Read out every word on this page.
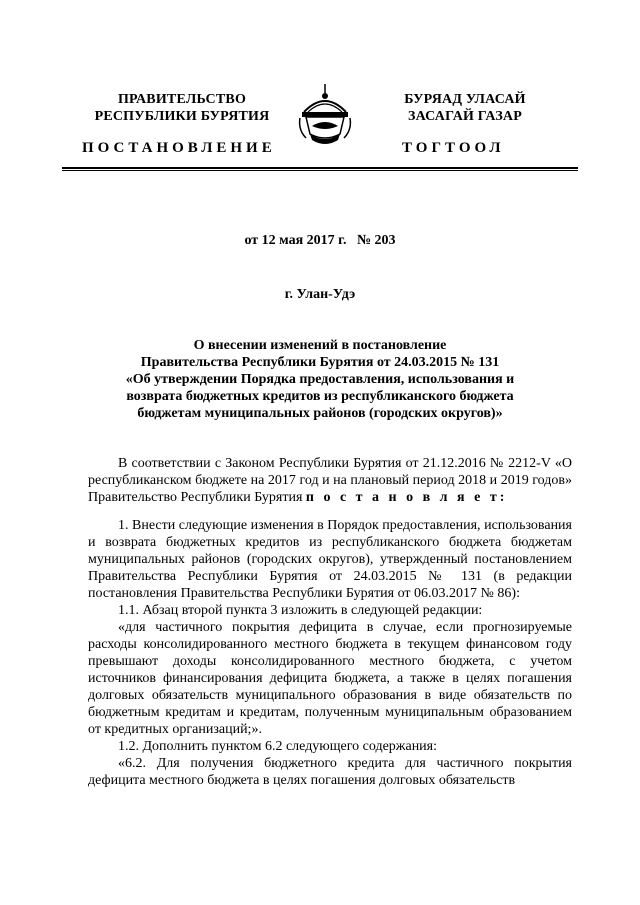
ПРАВИТЕЛЬСТВО
РЕСПУБЛИКИ БУРЯТИЯ
БУРЯАД УЛАСАЙ
ЗАСАГАЙ ГАЗАР
ПОСТАНОВЛЕНИЕ	ТОГТООЛ
от 12 мая 2017 г.   № 203
г. Улан-Удэ
О внесении изменений в постановление
Правительства Республики Бурятия от 24.03.2015 № 131
«Об утверждении Порядка предоставления, использования и
возврата бюджетных кредитов из республиканского бюджета
бюджетам муниципальных районов (городских округов)»

В соответствии с Законом Республики Бурятия от 21.12.2016 № 2212-V «О республиканском бюджете на 2017 год и на плановый период 2018 и 2019 годов» Правительство Республики Бурятия п о с т а н о в л я е т:

1. Внести следующие изменения в Порядок предоставления, использования и возврата бюджетных кредитов из республиканского бюджета бюджетам муниципальных районов (городских округов), утвержденный постановлением Правительства Республики Бурятия от 24.03.2015 № 131 (в редакции постановления Правительства Республики Бурятия от 06.03.2017 № 86):

1.1. Абзац второй пункта 3 изложить в следующей редакции:

«для частичного покрытия дефицита в случае, если прогнозируемые расходы консолидированного местного бюджета в текущем финансовом году превышают доходы консолидированного местного бюджета, с учетом источников финансирования дефицита бюджета, а также в целях погашения долговых обязательств муниципального образования в виде обязательств по бюджетным кредитам и кредитам, полученным муниципальным образованием от кредитных организаций;».

1.2. Дополнить пунктом 6.2 следующего содержания:

«6.2. Для получения бюджетного кредита для частичного покрытия дефицита местного бюджета в целях погашения долговых обязательств
